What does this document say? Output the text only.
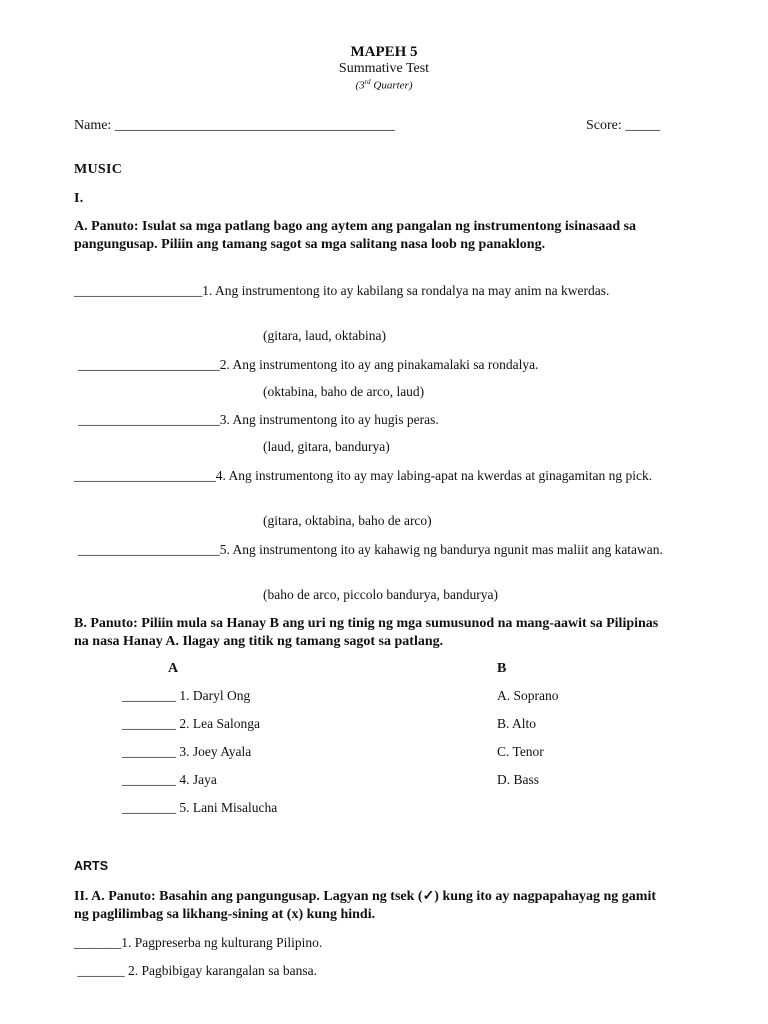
MAPEH 5
Summative Test
(3rd Quarter)
Name: ________________________________________	Score: _____
MUSIC
I.
A. Panuto: Isulat sa mga patlang bago ang aytem ang pangalan ng instrumentong isinasaad sa pangungusap. Piliin ang tamang sagot sa mga salitang nasa loob ng panaklong.
___________________1. Ang instrumentong ito ay kabilang sa rondalya na may anim na kwerdas.
(gitara, laud, oktabina)
_____________________2. Ang instrumentong ito ay ang pinakamalaki sa rondalya.
(oktabina, baho de arco, laud)
_____________________3. Ang instrumentong ito ay hugis peras.
(laud, gitara, bandurya)
_____________________4. Ang instrumentong ito ay may labing-apat na kwerdas at ginagamitan ng pick.
(gitara, oktabina, baho de arco)
_____________________5. Ang instrumentong ito ay kahawig ng bandurya ngunit mas maliit ang katawan.
(baho de arco, piccolo bandurya, bandurya)
B. Panuto: Piliin mula sa Hanay B ang uri ng tinig ng mga sumusunod na mang-aawit sa Pilipinas na nasa Hanay A. Ilagay ang titik ng tamang sagot sa patlang.
A	B
________ 1. Daryl Ong
________ 2. Lea Salonga
________ 3. Joey Ayala
________ 4. Jaya
________ 5. Lani Misalucha
A. Soprano
B. Alto
C. Tenor
D. Bass
ARTS
II. A. Panuto: Basahin ang pangungusap. Lagyan ng tsek (✓) kung ito ay nagpapahayag ng gamit ng paglilimbag sa likhang-sining at (x) kung hindi.
_______1. Pagpreserba ng kulturang Pilipino.
_______ 2. Pagbibigay karangalan sa bansa.
